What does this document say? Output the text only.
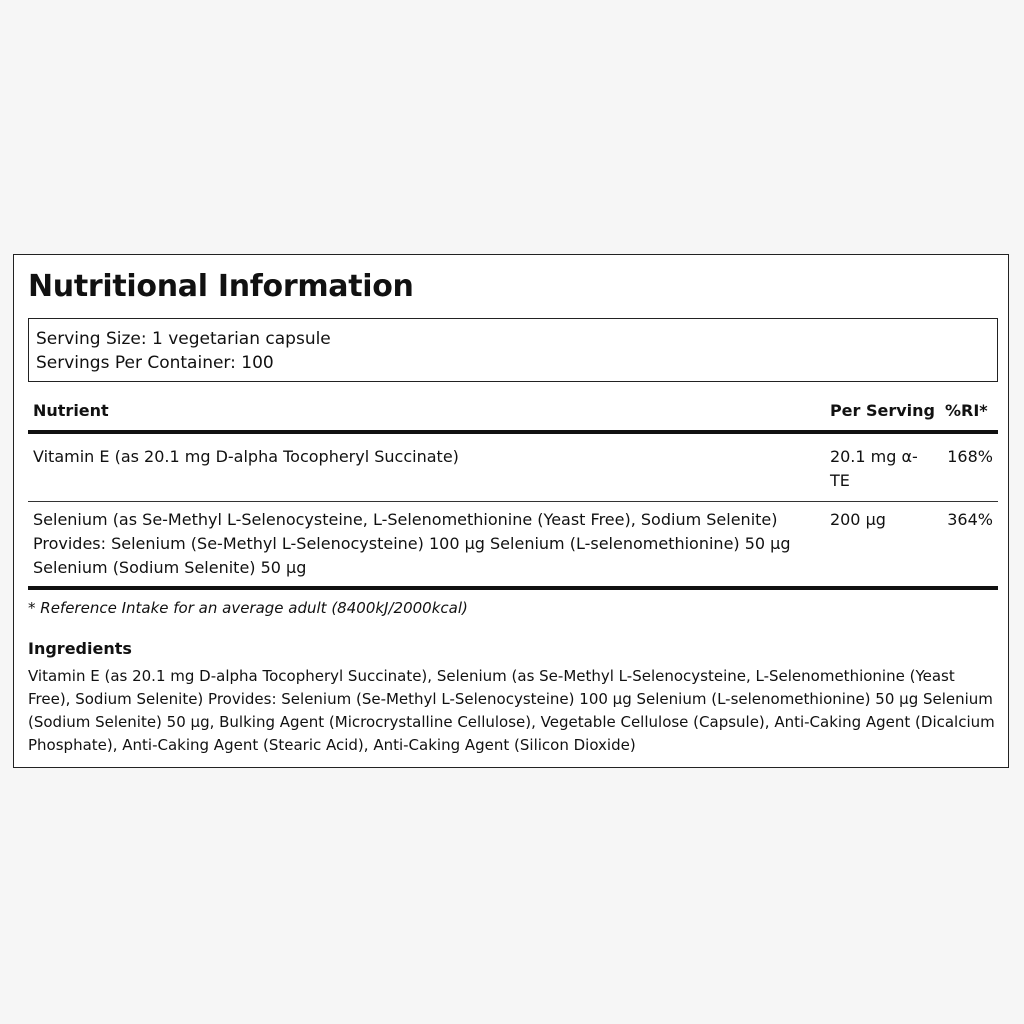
Nutritional Information
Serving Size: 1 vegetarian capsule
Servings Per Container: 100
Nutrient	Per Serving	%RI*
Vitamin E (as 20.1 mg D-alpha Tocopheryl Succinate)	20.1 mg α-TE	168%
Selenium (as Se-Methyl L-Selenocysteine, L-Selenomethionine (Yeast Free), Sodium Selenite) Provides: Selenium (Se-Methyl L-Selenocysteine) 100 µg Selenium (L-selenomethionine) 50 µg Selenium (Sodium Selenite) 50 µg	200 µg	364%
* Reference Intake for an average adult (8400kJ/2000kcal)
Ingredients
Vitamin E (as 20.1 mg D-alpha Tocopheryl Succinate), Selenium (as Se-Methyl L-Selenocysteine, L-Selenomethionine (Yeast Free), Sodium Selenite) Provides: Selenium (Se-Methyl L-Selenocysteine) 100 µg Selenium (L-selenomethionine) 50 µg Selenium (Sodium Selenite) 50 µg, Bulking Agent (Microcrystalline Cellulose), Vegetable Cellulose (Capsule), Anti-Caking Agent (Dicalcium Phosphate), Anti-Caking Agent (Stearic Acid), Anti-Caking Agent (Silicon Dioxide)
